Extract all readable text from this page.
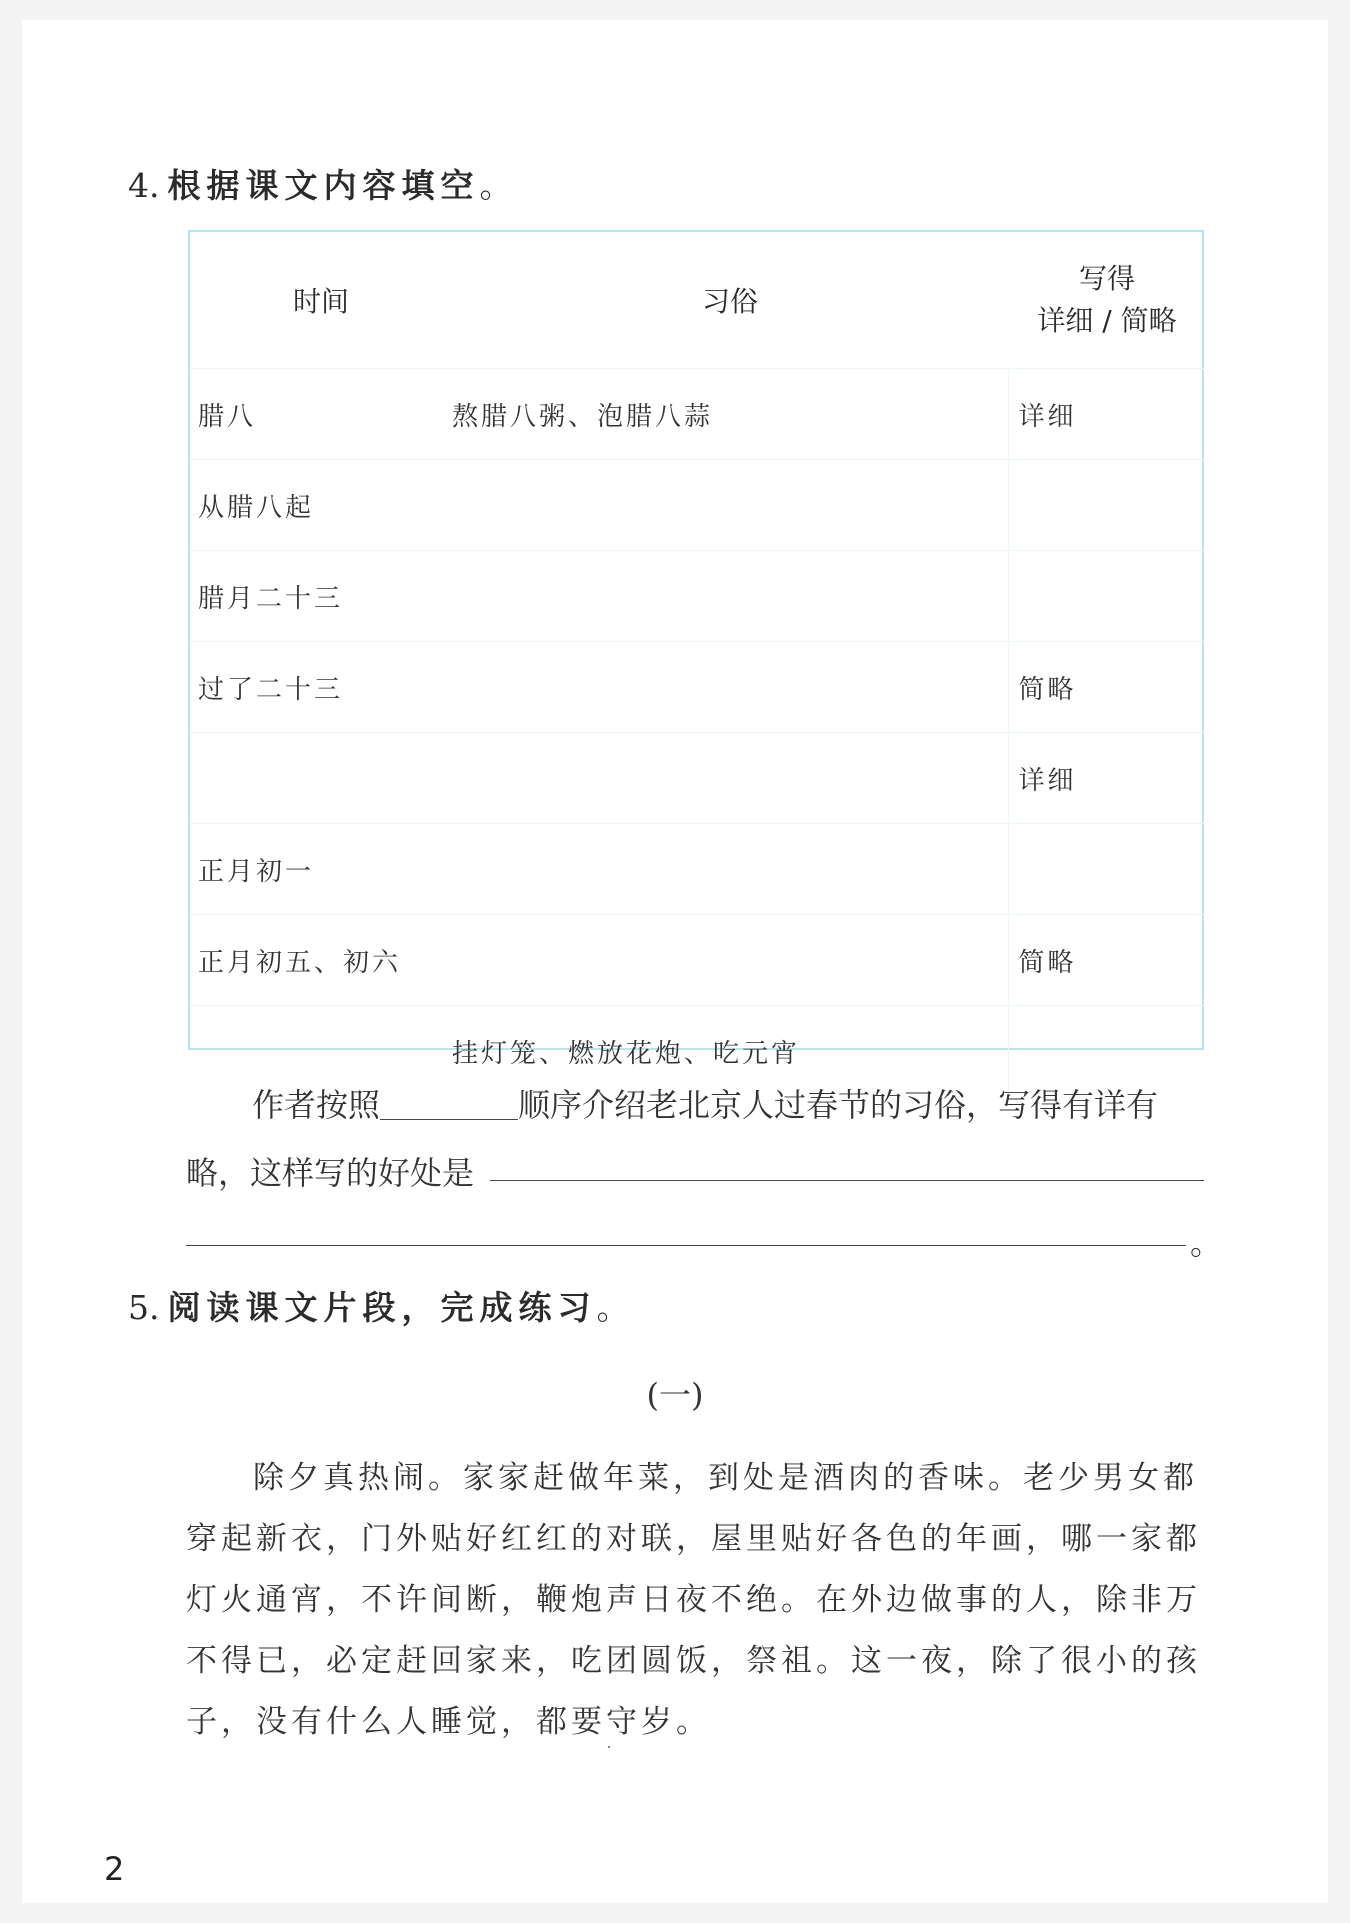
4. 根据课文内容填空。
时间	习俗	写得
详细 / 简略

腊八	熬腊八粥、泡腊八蒜	详细
从腊八起		
腊月二十三		
过了二十三		简略
		详细
正月初一		
正月初五、初六		简略
	挂灯笼、燃放花炮、吃元宵	
作者按照	顺序介绍老北京人过春节的习俗，写得有详有
略，这样写的好处是
。
5. 阅读课文片段，完成练习。
(一)

除夕真热闹。家家赶做年菜，到处是酒肉的香味。老少男女都穿起新衣，门外贴好红红的对联，屋里贴好各色的年画，哪一家都灯火通宵，不许间断，鞭炮声日夜不绝。在外边做事的人，除非万不得已，必定赶回家来，吃团圆饭，祭祖。这一夜，除了很小的孩子，没有什么人睡觉，都要守岁。

2
